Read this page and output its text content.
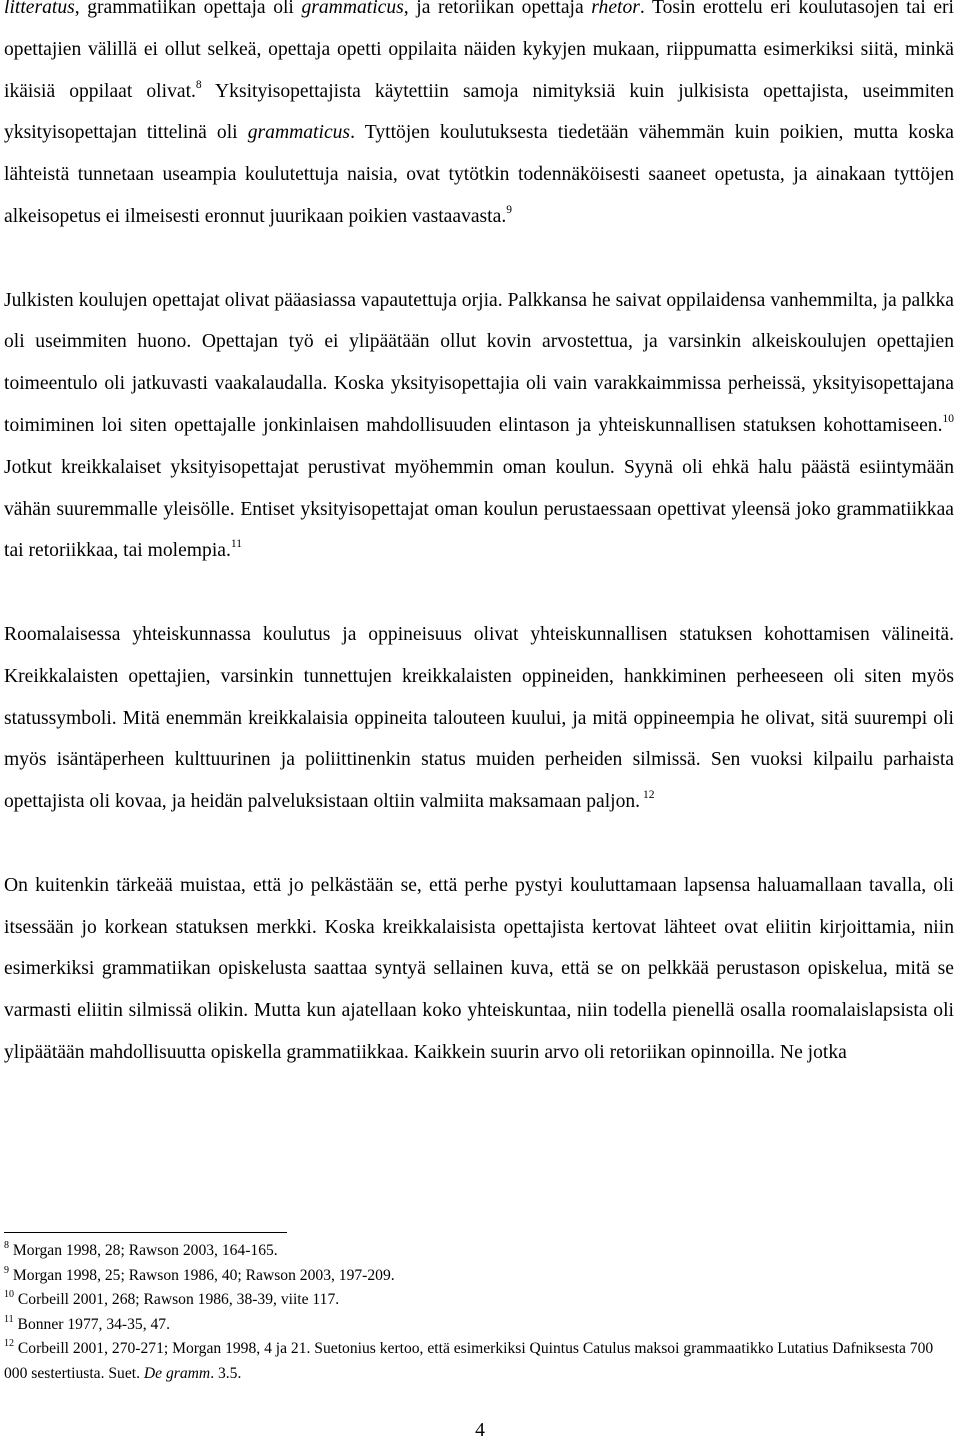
litteratus, grammatiikan opettaja oli grammaticus, ja retoriikan opettaja rhetor. Tosin erottelu eri koulutasojen tai eri opettajien välillä ei ollut selkeä, opettaja opetti oppilaita näiden kykyjen mukaan, riippumatta esimerkiksi siitä, minkä ikäisiä oppilaat olivat.$^8$ Yksityisopettajista käytettiin samoja nimityksiä kuin julkisista opettajista, useimmiten yksityisopettajan tittelinä oli grammaticus. Tyttöjen koulutuksesta tiedetään vähemmän kuin poikien, mutta koska lähteistä tunnetaan useampia koulutettuja naisia, ovat tytötkin todennäköisesti saaneet opetusta, ja ainakaan tyttöjen alkeisopetus ei ilmeisesti eronnut juurikaan poikien vastaavasta.$^9$
Julkisten koulujen opettajat olivat pääasiassa vapautettuja orjia. Palkkansa he saivat oppilaidensa vanhemmilta, ja palkka oli useimmiten huono. Opettajan työ ei ylipäätään ollut kovin arvostettua, ja varsinkin alkeiskoulujen opettajien toimeentulo oli jatkuvasti vaakalaudalla. Koska yksityisopettajia oli vain varakkaimmissa perheissä, yksityisopettajana toimiminen loi siten opettajalle jonkinlaisen mahdollisuuden elintason ja yhteiskunnallisen statuksen kohottamiseen.$^{10}$ Jotkut kreikkalaiset yksityisopettajat perustivat myöhemmin oman koulun. Syynä oli ehkä halu päästä esiintymään vähän suuremmalle yleisölle. Entiset yksityisopettajat oman koulun perustaessaan opettivat yleensä joko grammatiikkaa tai retoriikkaa, tai molempia.$^{11}$
Roomalaisessa yhteiskunnassa koulutus ja oppineisuus olivat yhteiskunnallisen statuksen kohottamisen välineitä. Kreikkalaisten opettajien, varsinkin tunnettujen kreikkalaisten oppineiden, hankkiminen perheeseen oli siten myös statussymboli. Mitä enemmän kreikkalaisia oppineita talouteen kuului, ja mitä oppineempia he olivat, sitä suurempi oli myös isäntäperheen kulttuurinen ja poliittinenkin status muiden perheiden silmissä. Sen vuoksi kilpailu parhaista opettajista oli kovaa, ja heidän palveluksistaan oltiin valmiita maksamaan paljon. $^{12}$
On kuitenkin tärkeää muistaa, että jo pelkästään se, että perhe pystyi kouluttamaan lapsensa haluamallaan tavalla, oli itsessään jo korkean statuksen merkki. Koska kreikkalaisista opettajista kertovat lähteet ovat eliitin kirjoittamia, niin esimerkiksi grammatiikan opiskelusta saattaa syntyä sellainen kuva, että se on pelkkää perustason opiskelua, mitä se varmasti eliitin silmissä olikin. Mutta kun ajatellaan koko yhteiskuntaa, niin todella pienellä osalla roomalaislapsista oli ylipäätään mahdollisuutta opiskella grammatiikkaa. Kaikkein suurin arvo oli retoriikan opinnoilla. Ne jotka

$^8$ Morgan 1998, 28; Rawson 2003, 164-165.

$^9$ Morgan 1998, 25; Rawson 1986, 40; Rawson 2003, 197-209.

$^{10}$ Corbeill 2001, 268; Rawson 1986, 38-39, viite 117.

$^{11}$ Bonner 1977, 34-35, 47.

$^{12}$ Corbeill 2001, 270-271; Morgan 1998, 4 ja 21. Suetonius kertoo, että esimerkiksi Quintus Catulus maksoi grammaatikko Lutatius Dafniksesta 700 000 sestertiusta. Suet. De gramm. 3.5.

4
